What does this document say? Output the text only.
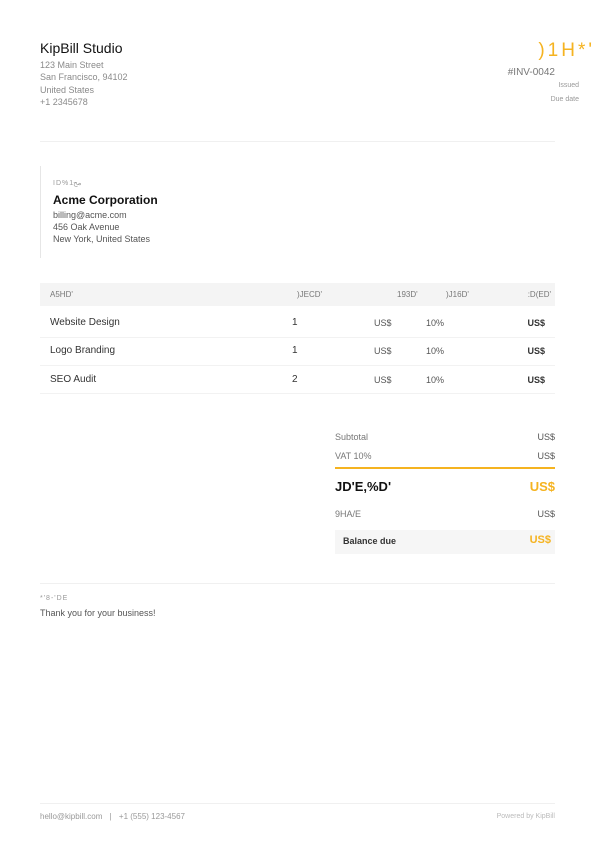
KipBill Studio
123 Main Street
San Francisco, 94102
United States
+1 2345678
)1H*'
#INV-0042
Issued
Due date
ID%مح1
Acme Corporation
billing@acme.com
456 Oak Avenue
New York, United States
A5HD'	)JECD'	193D'	)J16D'	:D(ED'
Website Design	1	US$	10%	US$
Logo Branding	1	US$	10%	US$
SEO Audit	2	US$	10%	US$
Subtotal	US$
VAT 10%	US$
JD'E,%D'	US$
9HA/E	US$
Balance due	US$
*'8-'DE
Thank you for your business!
hello@kipbill.com | +1 (555) 123-4567	Powered by KipBill
